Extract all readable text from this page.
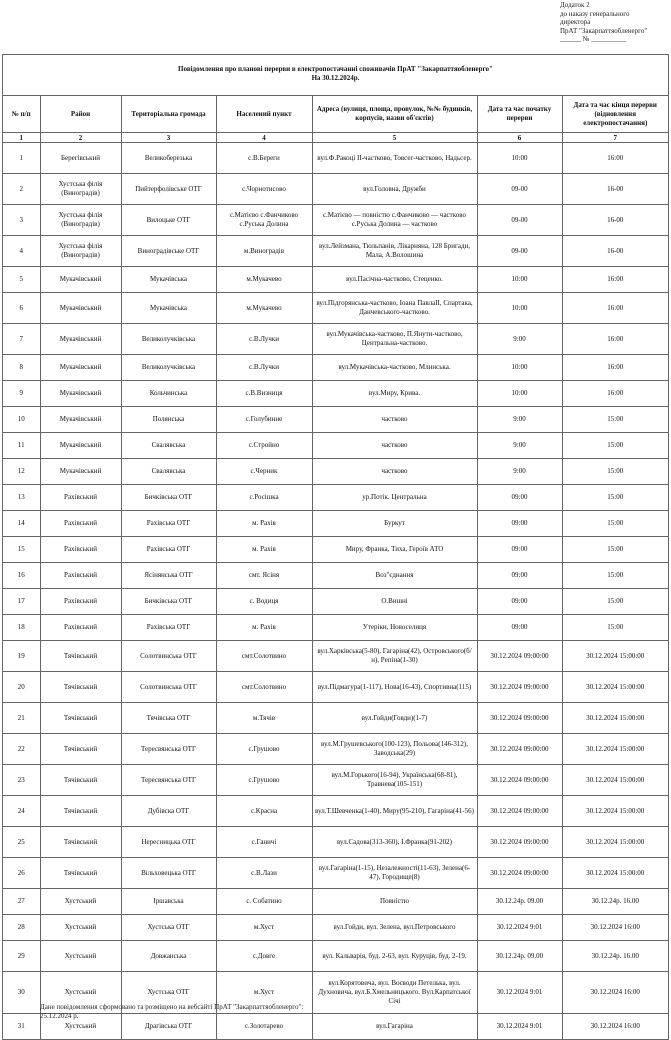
Додаток 2
до наказу генерального
директора
ПрАТ "Закарпаттяобленерго"
______ № __________
Повідомлення про планові перерви в електропостачанні споживачів ПрАТ "Закарпаттяобленерго"
На 30.12.2024р.
№ п/п	Район	Територіальна громада	Населений пункт	Адреса (вулиця, площа, провулок, №№ будинків, корпусів, назви об'єктів)	Дата та час початку перерви	Дата та час кінця перерви (відновлення електропостачання)
1	2	3	4	5	6	7
1	Берегівський	Великоберезька	с.В.Береги	вул.Ф.Ракоці II-частково, Товсег-частково, Надьсер.	10:00	16:00
2	Хустська філія (Виноградів)	Пийтерфолівське ОТГ	с.Чорнотисово	вул.Головна, Дружби	09-00	16-00
3	Хустська філія (Виноградів)	Вилоцьке ОТГ	с.Матієво с.Фанчиково с.Руська Долина	с.Матієво — повністю с.Фанчиково — частково с.Руська Долина — частково	09-00	16-00
4	Хустська філія (Виноградів)	Виноградівське ОТГ	м.Виноградів	вул.Лейзмана, Тюльпанів, Лікарняна, 128 Бригади, Мала, А.Волошина	09-00	16-00
5	Мукачівський	Мукачівська	м.Мукачево	вул.Пасічна-частково, Стеценко.	10:00	16:00
6	Мукачівський	Мукачівська	м.Мукачево	вул.Підгорянська-частково, Іоана ПавлаII, Спартака, Данчевського-частково.	10:00	16:00
7	Мукачівський	Великолучківська	с.В.Лучки	вул.Мукачівська-частково, П.Янути-частково, Центральна-частково.	9:00	16:00
8	Мукачівський	Великолучківська	с.В.Лучки	вул.Мукачівська-частково, Млинська.	10:00	16:00
9	Мукачівський	Кольчинська	с.В.Визниця	вул.Миру, Крива.	10:00	16:00
10	Мукачівський	Полянська	с.Голубинне	частково	9:00	15:00
11	Мукачівський	Свалявська	с.Стройно	частково	9:00	15:00
12	Мукачівський	Свалявська	с.Черник	частково	9:00	15:00
13	Рахівський	Бичківська ОТГ	с.Росішка	ур.Потік. Центральна	09:00	15:00
14	Рахівський	Рахівська ОТГ	м. Рахів	Буркут	09:00	15:00
15	Рахівський	Рахівська ОТГ	м. Рахів	Миру, Франка, Тиха, Героїв АТО	09:00	15:00
16	Рахівський	Ясінянська ОТГ	смт. Ясіня	Воз"єднання	09:00	15:00
17	Рахівський	Бичківська ОТГ	с. Водиця	О.Вишні	09:00	15:00
18	Рахівський	Рахівська ОТГ	м. Рахів	Утеріки, Новоселиця	09:00	15:00
19	Тячівський	Солотвинська ОТГ	смт.Солотвино	вул.Харківська(5-80), Гагаріна(42), Островського(б/н), Репіна(1-30)	30.12.2024 09:00:00	30.12.2024 15:00:00
20	Тячівський	Солотвинська ОТГ	смт.Солотвино	вул.Підмагура(1-117), Нова(16-43), Спортивна(115)	30.12.2024 09:00:00	30.12.2024 15:00:00
21	Тячівський	Тячівська ОТГ	м.Тячів	вул.Гойди(Говди)(1-7)	30.12.2024 09:00:00	30.12.2024 15:00:00
22	Тячівський	Тересвянська ОТГ	с.Грушово	вул.М.Грушевського(100-123), Польова(146-312), Заводська(29)	30.12.2024 09:00:00	30.12.2024 15:00:00
23	Тячівський	Тересвянська ОТГ	с.Грушово	вул.М.Горького(16-94), Українська(68-81), Травнева(105-151)	30.12.2024 09:00:00	30.12.2024 15:00:00
24	Тячівський	Дубівска ОТГ	с.Красна	вул.Т.Шевченка(1-40), Миру(95-210), Гагаріна(41-56)	30.12.2024 09:00:00	30.12.2024 15:00:00
25	Тячівський	Нересницька ОТГ	с.Ганичі	вул.Садова(313-360), І.Франка(91-202)	30.12.2024 09:00:00	30.12.2024 15:00:00
26	Тячівський	Вільховецька ОТГ	с.В.Лази	вул.Гагаріна(1-15), Незалежності(11-63), Зелена(6-47), Городище(8)	30.12.2024 09:00:00	30.12.2024 15:00:00
27	Хустський	Іршавська	с. Собатино	Повністю	30.12.24р. 09.00	30.12.24р. 16.00
28	Хустський	Хустська ОТГ	м.Хуст	вул.Гойди, вул. Зелена, вул.Петровського	30.12.2024 9:01	30.12.2024 16:00
29	Хустський	Довжанська	с.Довге	вул. Кальварія, буд. 2-63, вул. Куруців, буд. 2-19.	30.12.24р. 09.00	30.12.24р. 16.00
30	Хустський	Хустська ОТГ	м.Хуст	вул.Корятовича, вул. Воєводи Петелька, вул. Духновича, вул.Б.Хмельницького. Вул.Карпатської Січі	30.12.2024 9:01	30.12.2024 16:00
31	Хустський	Драгівська ОТГ	с.Золотарево	вул.Гагаріна	30.12.2024 9:01	30.12.2024 16:00
Дане повідомлення сформовано та розміщено на вебсайті ПрАТ "Закарпаттяобленерго":
25.12.2024 р.
